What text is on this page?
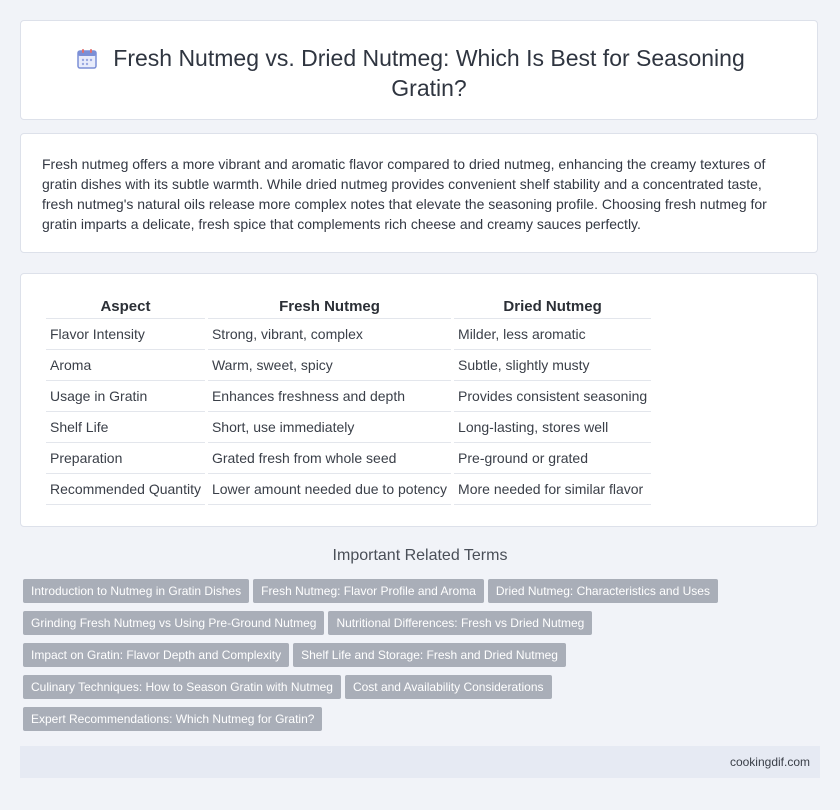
Fresh Nutmeg vs. Dried Nutmeg: Which Is Best for Seasoning Gratin?

Fresh nutmeg offers a more vibrant and aromatic flavor compared to dried nutmeg, enhancing the creamy textures of gratin dishes with its subtle warmth. While dried nutmeg provides convenient shelf stability and a concentrated taste, fresh nutmeg's natural oils release more complex notes that elevate the seasoning profile. Choosing fresh nutmeg for gratin imparts a delicate, fresh spice that complements rich cheese and creamy sauces perfectly.

Aspect	Fresh Nutmeg	Dried Nutmeg
Flavor Intensity	Strong, vibrant, complex	Milder, less aromatic
Aroma	Warm, sweet, spicy	Subtle, slightly musty
Usage in Gratin	Enhances freshness and depth	Provides consistent seasoning
Shelf Life	Short, use immediately	Long-lasting, stores well
Preparation	Grated fresh from whole seed	Pre-ground or grated
Recommended Quantity	Lower amount needed due to potency	More needed for similar flavor
Important Related Terms
Introduction to Nutmeg in Gratin Dishes Fresh Nutmeg: Flavor Profile and Aroma Dried Nutmeg: Characteristics and Uses
Grinding Fresh Nutmeg vs Using Pre-Ground Nutmeg Nutritional Differences: Fresh vs Dried Nutmeg
Impact on Gratin: Flavor Depth and Complexity Shelf Life and Storage: Fresh and Dried Nutmeg
Culinary Techniques: How to Season Gratin with Nutmeg Cost and Availability Considerations
Expert Recommendations: Which Nutmeg for Gratin?
cookingdif.com
